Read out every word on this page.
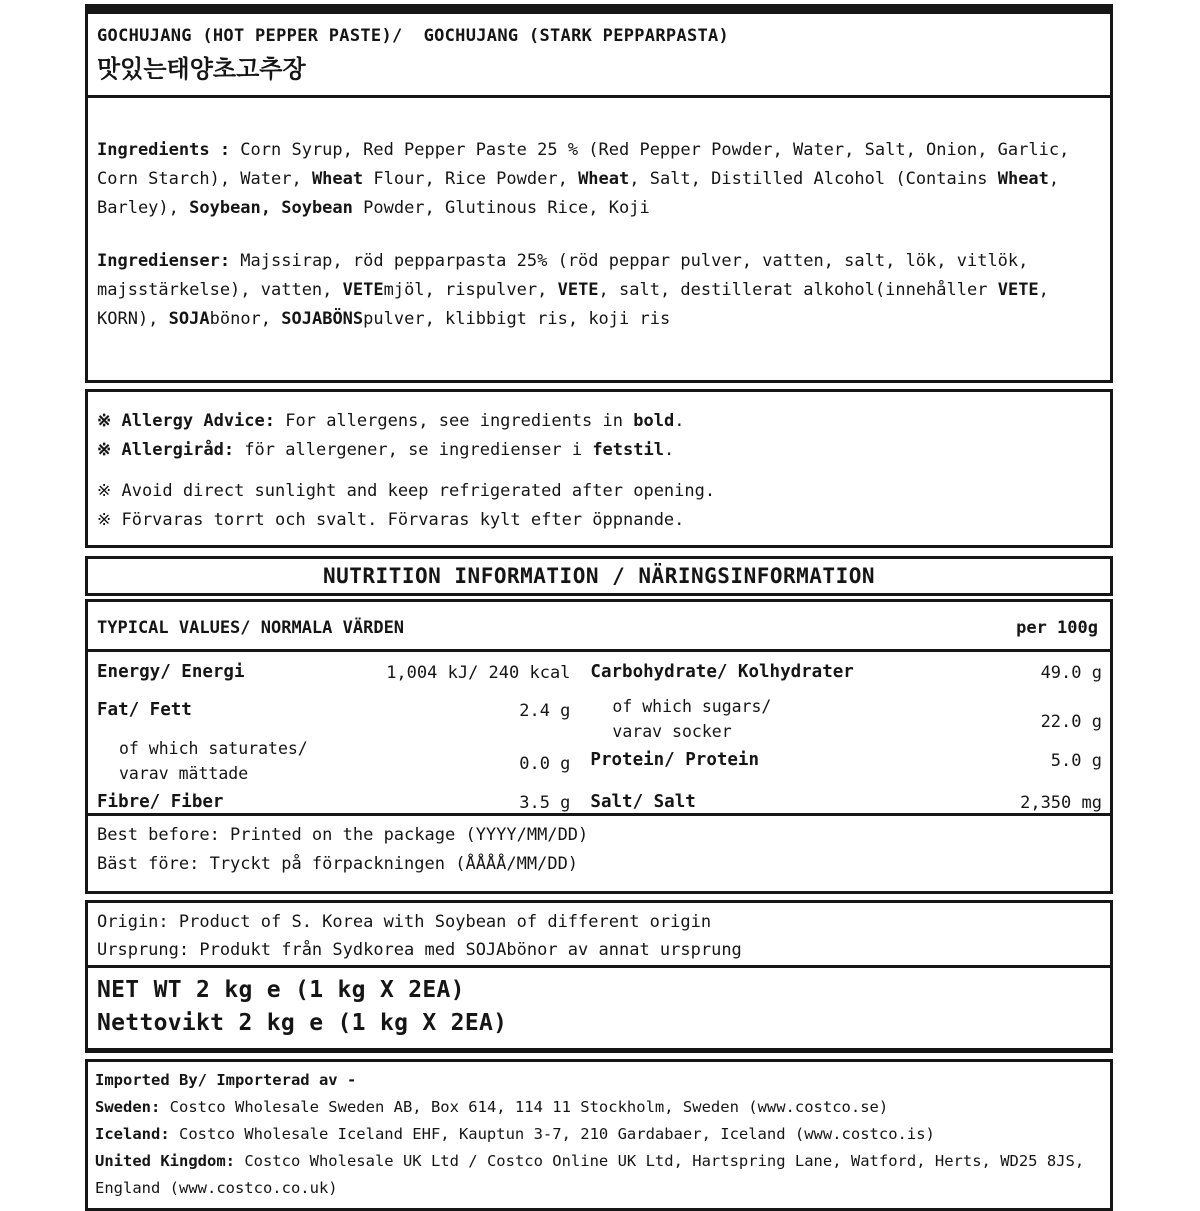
GOCHUJANG (HOT PEPPER PASTE)/  GOCHUJANG (STARK PEPPARPASTA)
맛있는태양초고추장

Ingredients : Corn Syrup, Red Pepper Paste 25 % (Red Pepper Powder, Water, Salt, Onion, Garlic, Corn Starch), Water, Wheat Flour, Rice Powder, Wheat, Salt, Distilled Alcohol (Contains Wheat, Barley), Soybean, Soybean Powder, Glutinous Rice, Koji

Ingredienser: Majssirap, röd pepparpasta 25% (röd peppar pulver, vatten, salt, lök, vitlök, majsstärkelse), vatten, VETEmjöl, rispulver, VETE, salt, destillerat alkohol(innehåller VETE, KORN), SOJAbönor, SOJABÖNSpulver, klibbigt ris, koji ris

※ Allergy Advice: For allergens, see ingredients in bold.

※ Allergiråd: för allergener, se ingredienser i fetstil.

※ Avoid direct sunlight and keep refrigerated after opening.

※ Förvaras torrt och svalt. Förvaras kylt efter öppnande.

NUTRITION INFORMATION / NÄRINGSINFORMATION
TYPICAL VALUES/ NORMALA VÄRDEN	per 100g
Energy/ Energi	1,004 kJ/ 240 kcal
Fat/ Fett	2.4 g
of which saturates/
varav mättade	0.0 g
Fibre/ Fiber	3.5 g
Carbohydrate/ Kolhydrater	49.0 g
of which sugars/
varav socker	22.0 g
Protein/ Protein	5.0 g
Salt/ Salt	2,350 mg

Best before: Printed on the package (YYYY/MM/DD)

Bäst före: Tryckt på förpackningen (ÅÅÅÅ/MM/DD)

Origin: Product of S. Korea with Soybean of different origin

Ursprung: Produkt från Sydkorea med SOJAbönor av annat ursprung

NET WT 2 kg e (1 kg X 2EA)

Nettovikt 2 kg e (1 kg X 2EA)

Imported By/ Importerad av -

Sweden: Costco Wholesale Sweden AB, Box 614, 114 11 Stockholm, Sweden (www.costco.se)

Iceland: Costco Wholesale Iceland EHF, Kauptun 3-7, 210 Gardabaer, Iceland (www.costco.is)

United Kingdom: Costco Wholesale UK Ltd / Costco Online UK Ltd, Hartspring Lane, Watford, Herts, WD25 8JS, England (www.costco.co.uk)
